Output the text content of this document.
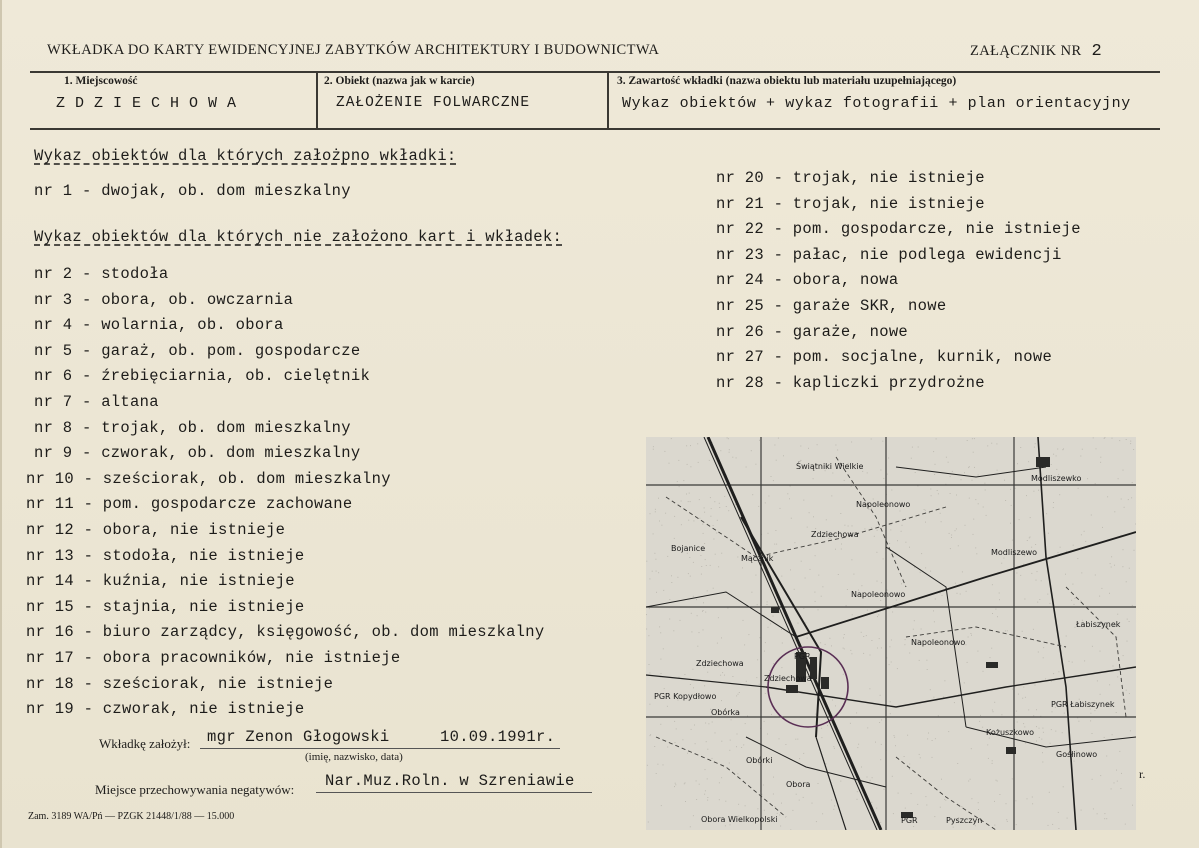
WKŁADKA DO KARTY EWIDENCYJNEJ ZABYTKÓW ARCHITEKTURY I BUDOWNICTWA	ZAŁĄCZNIK NR 2
1. Miejscowość	2. Obiekt (nazwa jak w karcie)	3. Zawartość wkładki (nazwa obiektu lub materiału uzupełniającego)
ZDZIECHOWA	ZAŁOŻENIE FOLWARCZNE	Wykaz obiektów + wykaz fotografii + plan orientacyjny
Wykaz obiektów dla których założpno wkładki:
nr 1 - dwojak, ob. dom mieszkalny
Wykaz obiektów dla których nie założono kart i wkładek:
nr 2 - stodoła
nr 3 - obora, ob. owczarnia
nr 4 - wolarnia, ob. obora
nr 5 - garaż, ob. pom. gospodarcze
nr 6 - źrebięciarnia, ob. cielętnik
nr 7 - altana
nr 8 - trojak, ob. dom mieszkalny
nr 9 - czworak, ob. dom mieszkalny
nr 10 - sześciorak, ob. dom mieszkalny
nr 11 - pom. gospodarcze zachowane
nr 12 - obora, nie istnieje
nr 13 - stodoła, nie istnieje
nr 14 - kuźnia, nie istnieje
nr 15 - stajnia, nie istnieje
nr 16 - biuro zarządcy, księgowość, ob. dom mieszkalny
nr 17 - obora pracowników, nie istnieje
nr 18 - sześciorak, nie istnieje
nr 19 - czworak, nie istnieje
nr 20 - trojak, nie istnieje
nr 21 - trojak, nie istnieje
nr 22 - pom. gospodarcze, nie istnieje
nr 23 - pałac, nie podlega ewidencji
nr 24 - obora, nowa
nr 25 - garaże SKR, nowe
nr 26 - garaże, nowe
nr 27 - pom. socjalne, kurnik, nowe
nr 28 - kapliczki przydrożne
Wkładkę założył: mgr Zenon Głogowski	10.09.1991r.
(imię, nazwisko, data)
Miejsce przechowywania negatywów: Nar.Muz.Roln. w Szreniawie
Zam. 3189 WA/Pń — PZGK 21448/1/88 — 15.000
r.
Świątniki Wielkie
Modliszewko
Napoleonowo
Bojanice
Zdziechowa
Modliszewo
Mącznik
Napoleonowo
PGR
Zdziechowa
Napoleonowo
Łabiszynek
PGR Łabiszynek
PGR Kopydłowo
Zdziechowa
Obórka
Obórki
Kożuszkowo
Gośłinowo
Obora
Obora Wielkopolski	PGR	Pyszczyn
